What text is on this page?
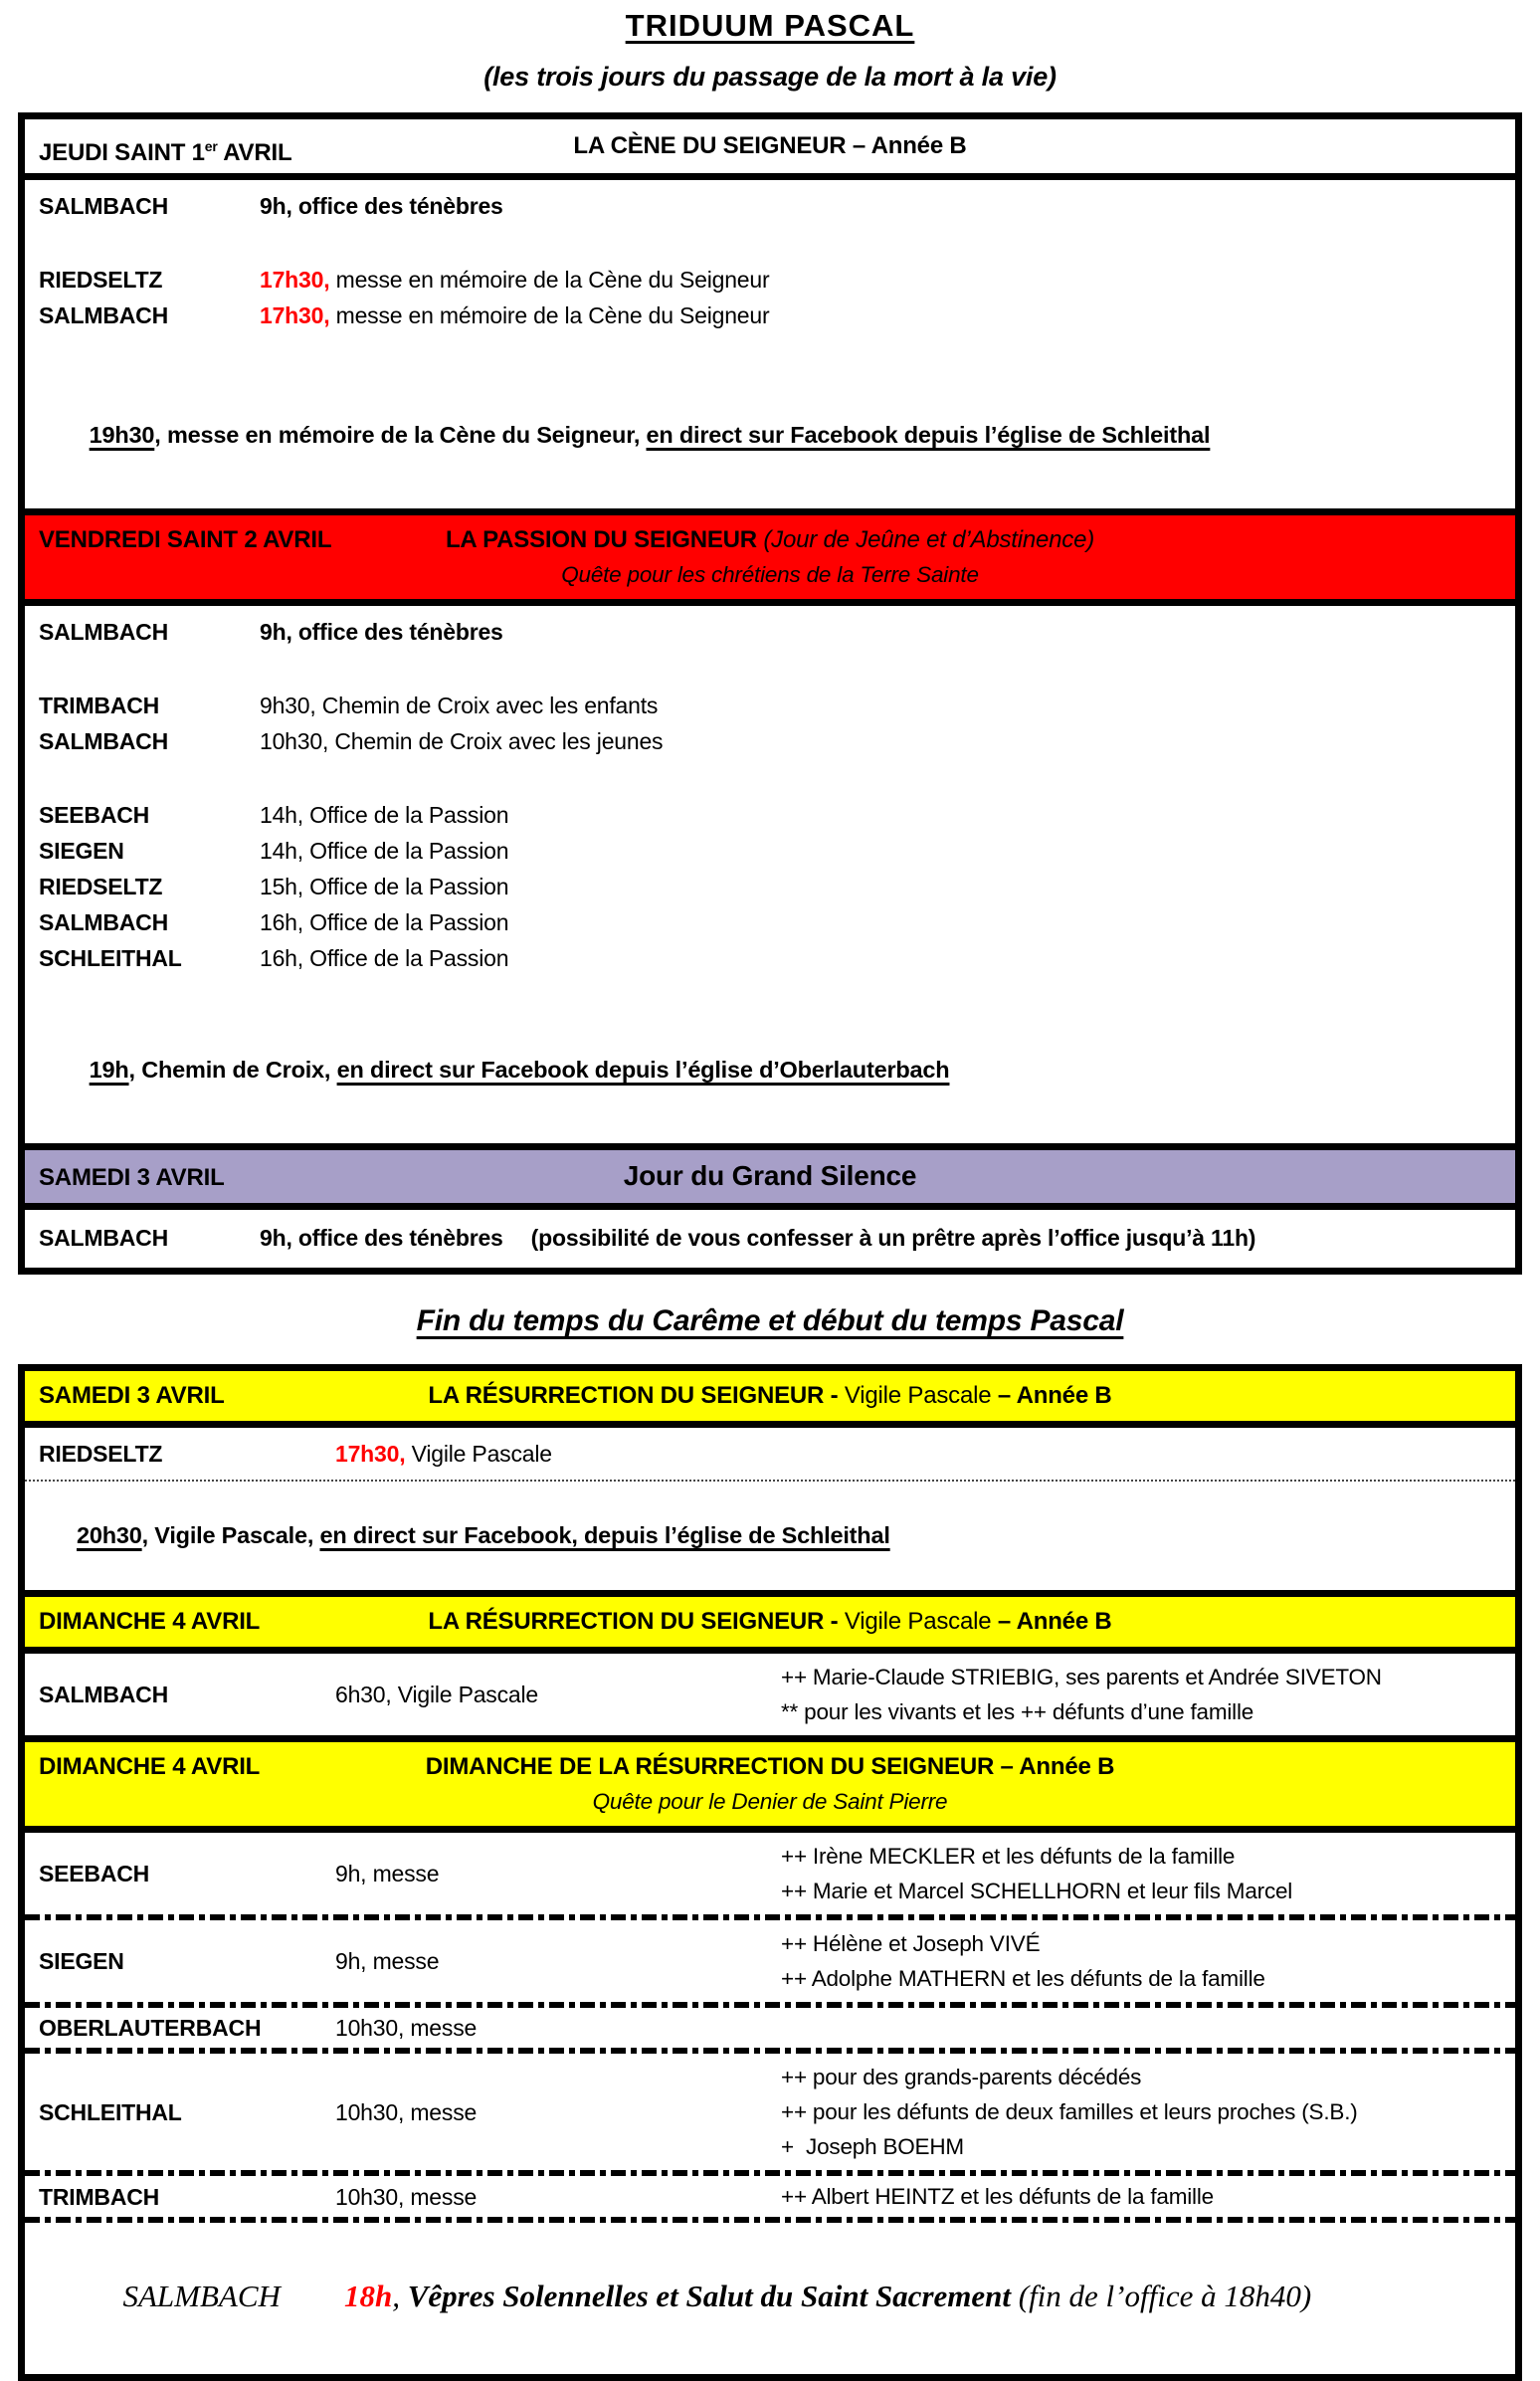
TRIDUUM PASCAL
(les trois jours du passage de la mort à la vie)
JEUDI SAINT 1er AVRIL	LA CÈNE DU SEIGNEUR – Année B
SALMBACH	9h, office des ténèbres
RIEDSELTZ	17h30, messe en mémoire de la Cène du Seigneur
SALMBACH	17h30, messe en mémoire de la Cène du Seigneur

19h30, messe en mémoire de la Cène du Seigneur, en direct sur Facebook depuis l’église de Schleithal

VENDREDI SAINT 2 AVRIL	LA PASSION DU SEIGNEUR (Jour de Jeûne et d’Abstinence)
Quête pour les chrétiens de la Terre Sainte
SALMBACH	9h, office des ténèbres
TRIMBACH	9h30, Chemin de Croix avec les enfants
SALMBACH	10h30, Chemin de Croix avec les jeunes
SEEBACH	14h, Office de la Passion
SIEGEN	14h, Office de la Passion
RIEDSELTZ	15h, Office de la Passion
SALMBACH	16h, Office de la Passion
SCHLEITHAL	16h, Office de la Passion

19h, Chemin de Croix, en direct sur Facebook depuis l’église d’Oberlauterbach

SAMEDI 3 AVRIL	Jour du Grand Silence
SALMBACH	9h, office des ténèbres (possibilité de vous confesser à un prêtre après l’office jusqu’à 11h)
Fin du temps du Carême et début du temps Pascal
SAMEDI 3 AVRIL	LA RÉSURRECTION DU SEIGNEUR - Vigile Pascale – Année B
RIEDSELTZ	17h30, Vigile Pascale

20h30, Vigile Pascale, en direct sur Facebook, depuis l’église de Schleithal

DIMANCHE 4 AVRIL	LA RÉSURRECTION DU SEIGNEUR - Vigile Pascale – Année B
SALMBACH	6h30, Vigile Pascale
++ Marie-Claude STRIEBIG, ses parents et Andrée SIVETON
** pour les vivants et les ++ défunts d’une famille
DIMANCHE 4 AVRIL	DIMANCHE DE LA RÉSURRECTION DU SEIGNEUR – Année B
Quête pour le Denier de Saint Pierre
SEEBACH	9h, messe
++ Irène MECKLER et les défunts de la famille
++ Marie et Marcel SCHELLHORN et leur fils Marcel
SIEGEN	9h, messe
++ Hélène et Joseph VIVÉ
++ Adolphe MATHERN et les défunts de la famille
OBERLAUTERBACH	10h30, messe
SCHLEITHAL	10h30, messe
++ pour des grands-parents décédés
++ pour les défunts de deux familles et leurs proches (S.B.)
+  Joseph BOEHM
TRIMBACH	10h30, messe	++ Albert HEINTZ et les défunts de la famille

SALMBACH 18h, Vêpres Solennelles et Salut du Saint Sacrement (fin de l’office à 18h40)
